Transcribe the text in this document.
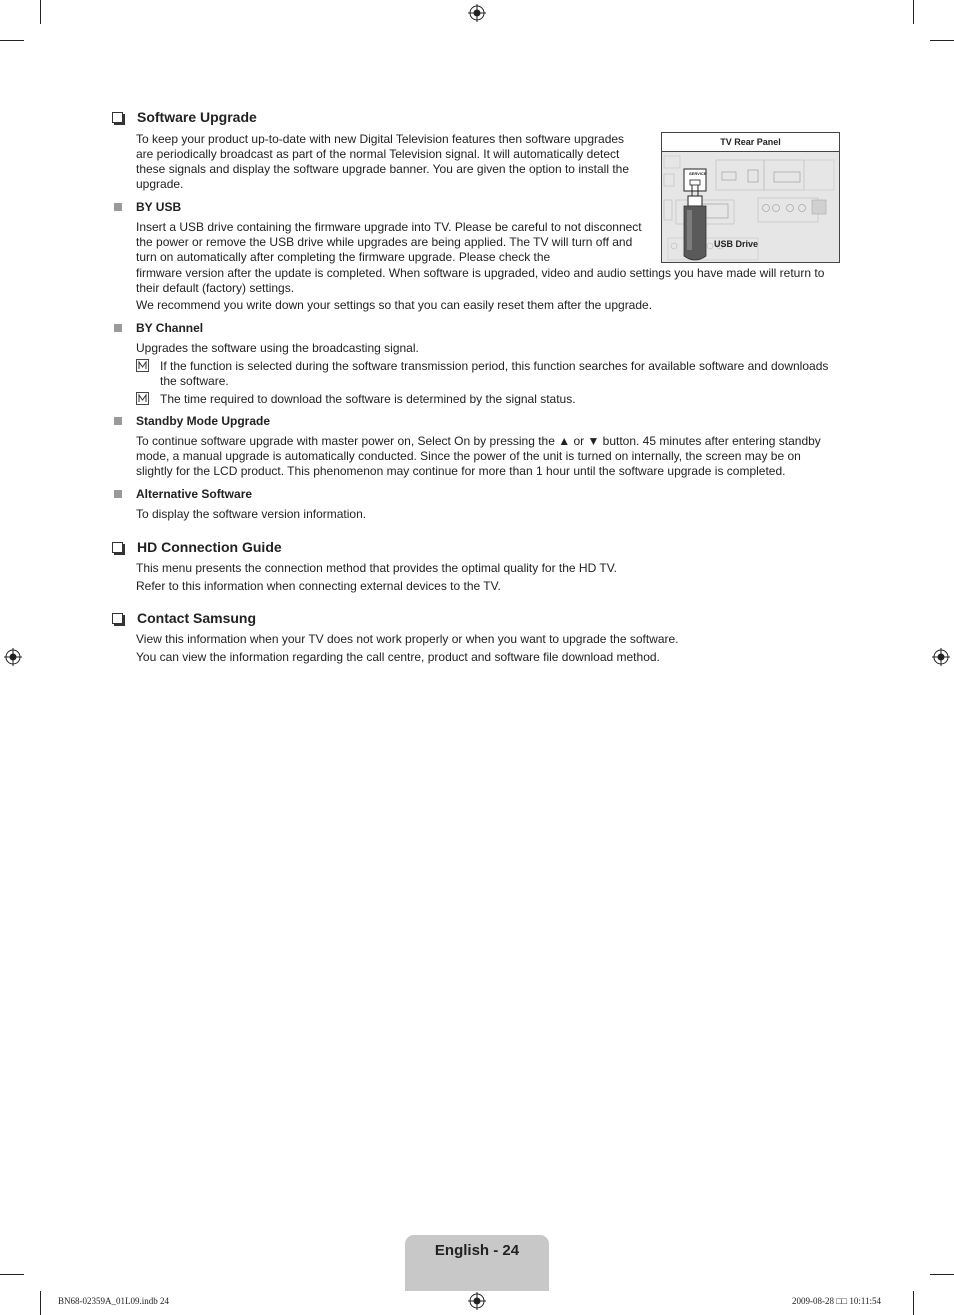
Software Upgrade

To keep your product up-to-date with new Digital Television features then software upgrades are periodically broadcast as part of the normal Television signal. It will automatically detect these signals and display the software upgrade banner. You are given the option to install the upgrade.

BY USB

Insert a USB drive containing the firmware upgrade into TV. Please be careful to not disconnect the power or remove the USB drive while upgrades are being applied. The TV will turn off and turn on automatically after completing the firmware upgrade. Please check the

firmware version after the update is completed. When software is upgraded, video and audio settings you have made will return to their default (factory) settings.

We recommend you write down your settings so that you can easily reset them after the upgrade.

TV Rear Panel
SERVICE
USB Drive
BY Channel

Upgrades the software using the broadcasting signal.

If the function is selected during the software transmission period, this function searches for available software and downloads the software.
The time required to download the software is determined by the signal status.
Standby Mode Upgrade

To continue software upgrade with master power on, Select On by pressing the ▲ or ▼ button. 45 minutes after entering standby mode, a manual upgrade is automatically conducted. Since the power of the unit is turned on internally, the screen may be on slightly for the LCD product. This phenomenon may continue for more than 1 hour until the software upgrade is completed.

Alternative Software

To display the software version information.

HD Connection Guide

This menu presents the connection method that provides the optimal quality for the HD TV.

Refer to this information when connecting external devices to the TV.

Contact Samsung

View this information when your TV does not work properly or when you want to upgrade the software.

You can view the information regarding the call centre, product and software file download method.

English - 24
BN68-02359A_01L09.indb 24	2009-08-28 □□ 10:11:54
